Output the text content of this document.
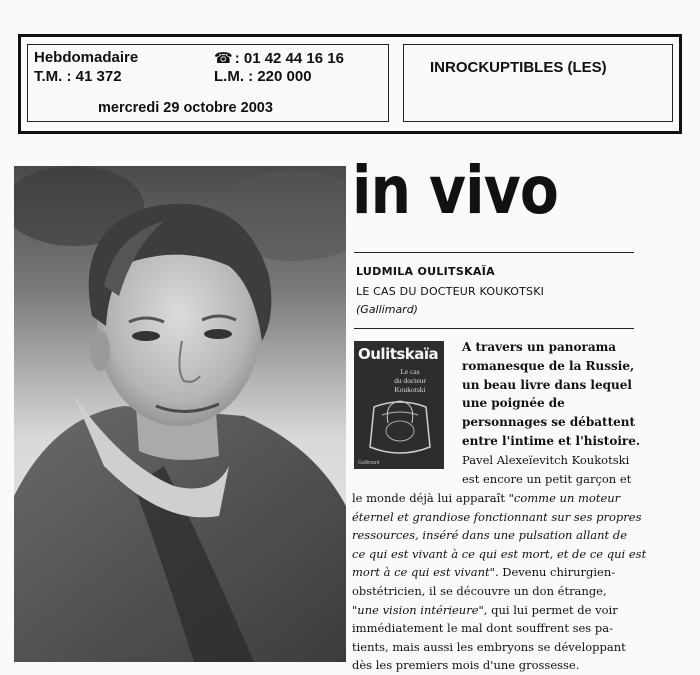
Hebdomadaire
T.M. : 41 372
☎ : 01 42 44 16 16
L.M. : 220 000
mercredi 29 octobre 2003
INROCKUPTIBLES (LES)
in vivo
LUDMILA OULITSKAÏA
LE CAS DU DOCTEUR KOUKOTSKI
(Gallimard)
Oulitskaïa
Le cas
du docteur
Koukotski
Gallimard
A travers un panorama
romanesque de la Russie,
un beau livre dans lequel
une poignée de
personnages se débattent
entre l'intime et l'histoire.
Pavel Alexeïevitch Koukotski
est encore un petit garçon et
le monde déjà lui apparaît "comme un moteur
éternel et grandiose fonctionnant sur ses propres
ressources, inséré dans une pulsation allant de
ce qui est vivant à ce qui est mort, et de ce qui est
mort à ce qui est vivant". Devenu chirurgien-
obstétricien, il se découvre un don étrange,
"une vision intérieure", qui lui permet de voir
immédiatement le mal dont souffrent ses pa-
tients, mais aussi les embryons se développant
dès les premiers mois d'une grossesse.
